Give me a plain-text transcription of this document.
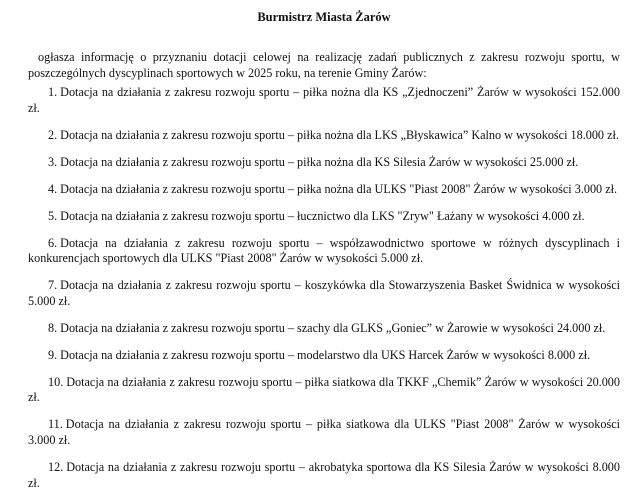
Burmistrz Miasta Żarów

ogłasza informację o przyznaniu dotacji celowej na realizację zadań publicznych z zakresu rozwoju sportu, w poszczególnych dyscyplinach sportowych w 2025 roku, na terenie Gminy Żarów:

1. Dotacja na działania z zakresu rozwoju sportu – piłka nożna dla KS „Zjednoczeni” Żarów w wysokości 152.000 zł.
2. Dotacja na działania z zakresu rozwoju sportu – piłka nożna dla LKS „Błyskawica” Kalno w wysokości 18.000 zł.
3. Dotacja na działania z zakresu rozwoju sportu – piłka nożna dla KS Silesia Żarów w wysokości 25.000 zł.
4. Dotacja na działania z zakresu rozwoju sportu – piłka nożna dla ULKS "Piast 2008" Żarów w wysokości 3.000 zł.
5. Dotacja na działania z zakresu rozwoju sportu – łucznictwo dla LKS "Zryw" Łażany w wysokości 4.000 zł.
6. Dotacja na działania z zakresu rozwoju sportu – współzawodnictwo sportowe w różnych dyscyplinach i konkurencjach sportowych dla ULKS "Piast 2008" Żarów w wysokości 5.000 zł.
7. Dotacja na działania z zakresu rozwoju sportu – koszykówka dla Stowarzyszenia Basket Świdnica w wysokości 5.000 zł.
8. Dotacja na działania z zakresu rozwoju sportu – szachy dla GLKS „Goniec” w Żarowie w wysokości 24.000 zł.
9. Dotacja na działania z zakresu rozwoju sportu – modelarstwo dla UKS Harcek Żarów w wysokości 8.000 zł.
10. Dotacja na działania z zakresu rozwoju sportu – piłka siatkowa dla TKKF „Chemik” Żarów w wysokości 20.000 zł.
11. Dotacja na działania z zakresu rozwoju sportu – piłka siatkowa dla ULKS "Piast 2008" Żarów w wysokości 3.000 zł.
12. Dotacja na działania z zakresu rozwoju sportu – akrobatyka sportowa dla KS Silesia Żarów w wysokości 8.000 zł.
